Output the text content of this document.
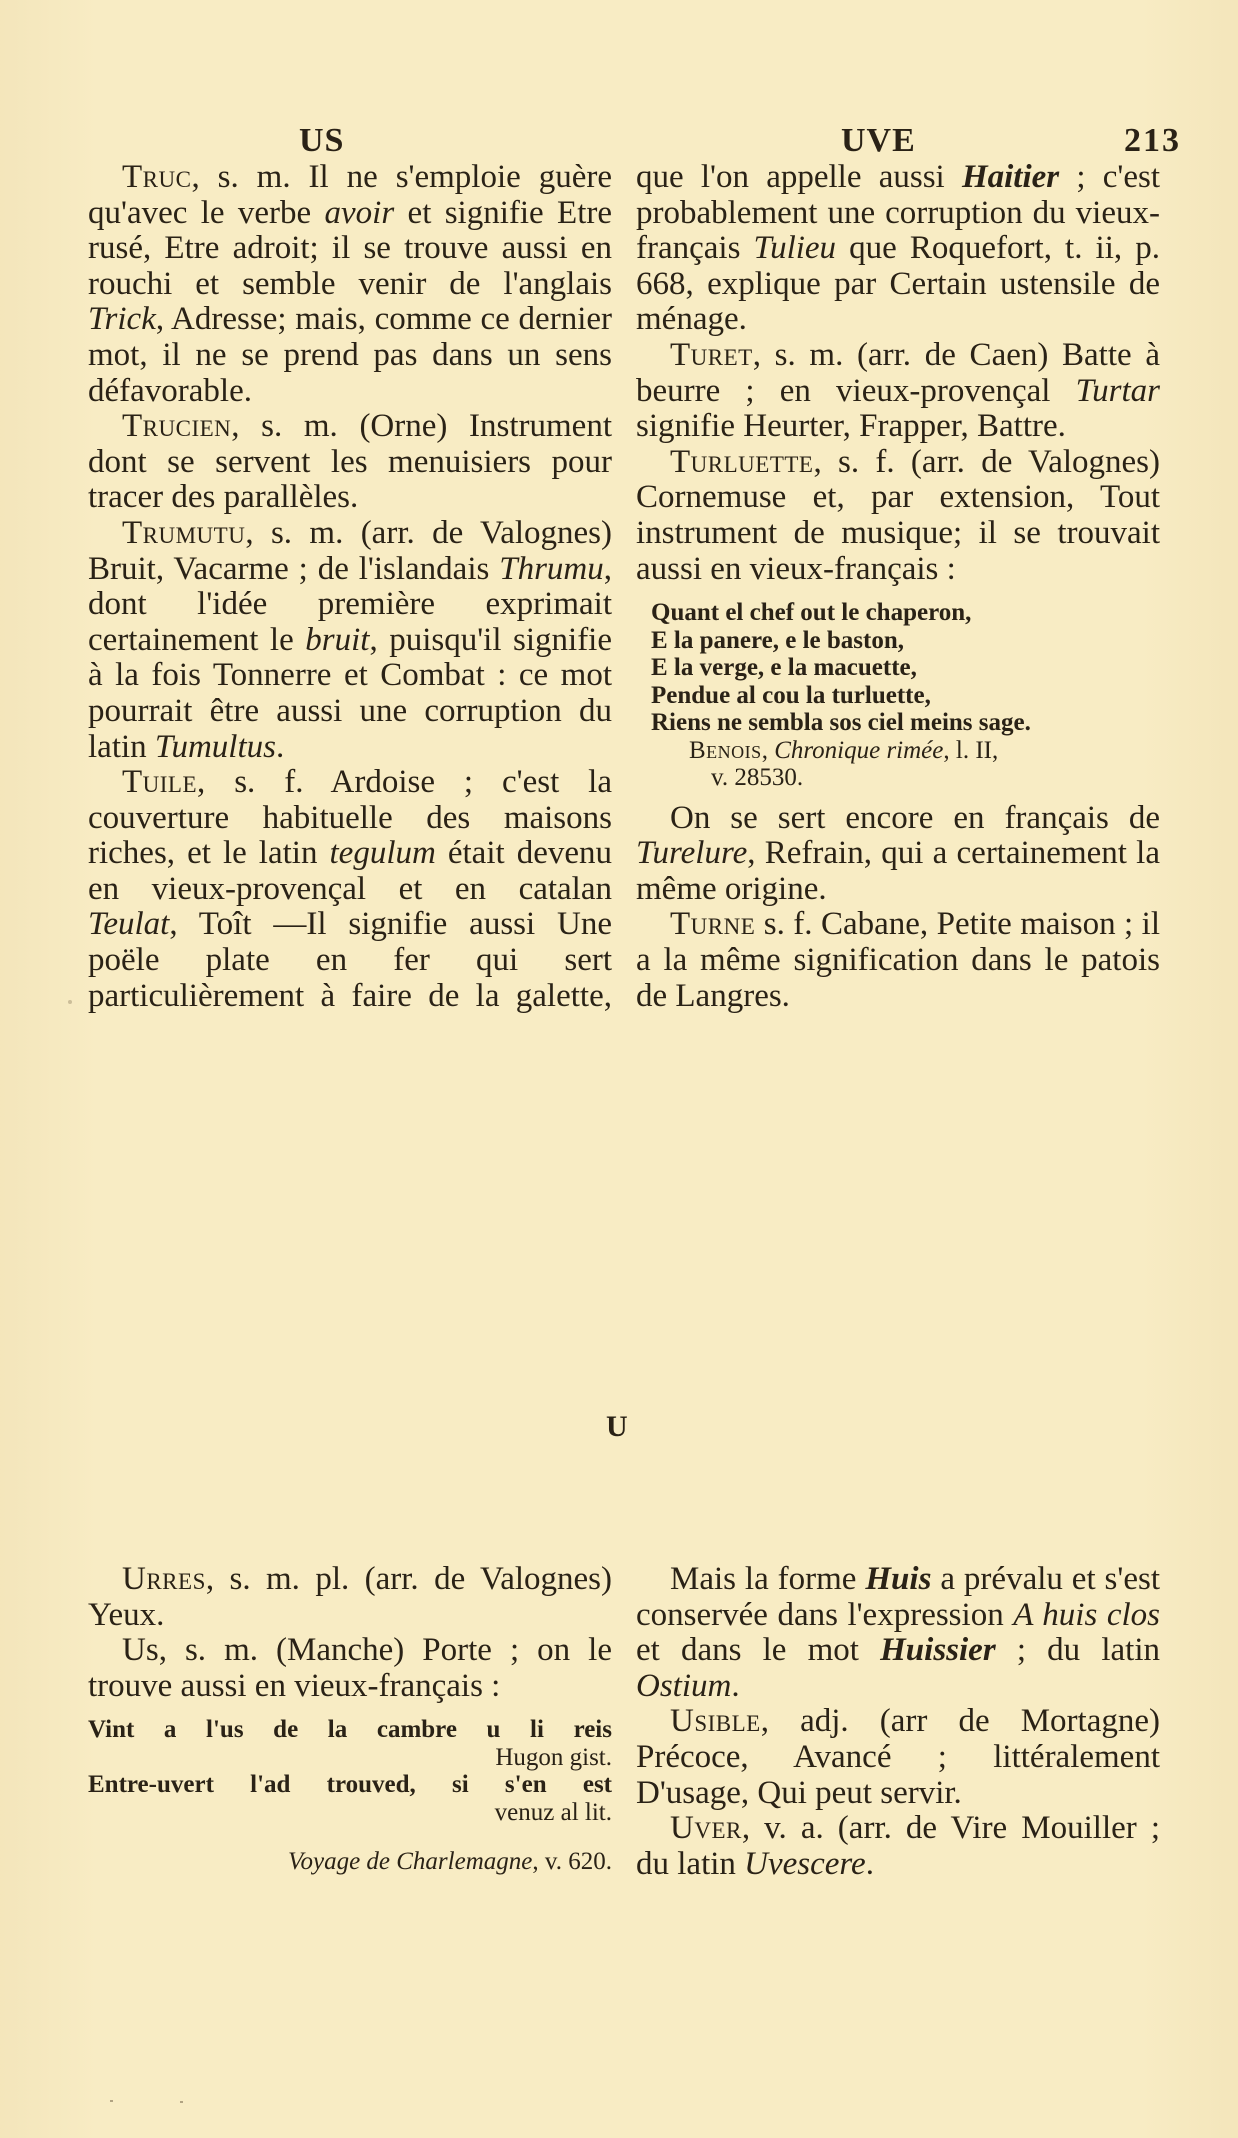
US	UVE	213

Truc, s. m. Il ne s'emploie guère qu'avec le verbe avoir et signifie Etre rusé, Etre adroit; il se trouve aussi en rouchi et semble venir de l'anglais Trick, Adresse; mais, comme ce dernier mot, il ne se prend pas dans un sens défavorable.

Trucien, s. m. (Orne) Instrument dont se servent les menuisiers pour tracer des parallèles.

Trumutu, s. m. (arr. de Valognes) Bruit, Vacarme ; de l'islandais Thrumu, dont l'idée première exprimait certainement le bruit, puisqu'il signifie à la fois Tonnerre et Combat : ce mot pourrait être aussi une corruption du latin Tumultus.

Tuile, s. f. Ardoise ; c'est la couverture habituelle des maisons riches, et le latin tegulum était devenu en vieux-provençal et en catalan Teulat, Toît —Il signifie aussi Une poële plate en fer qui sert particulièrement à faire de la galette,

que l'on appelle aussi Haitier ; c'est probablement une corruption du vieux-français Tulieu que Roquefort, t. ii, p. 668, explique par Certain ustensile de ménage.

Turet, s. m. (arr. de Caen) Batte à beurre ; en vieux-provençal Turtar signifie Heurter, Frapper, Battre.

Turluette, s. f. (arr. de Valognes) Cornemuse et, par extension, Tout instrument de musique; il se trouvait aussi en vieux-français :

Quant el chef out le chaperon,
E la panere, e le baston,
E la verge, e la macuette,
Pendue al cou la turluette,
Riens ne sembla sos ciel meins sage.
Benois, Chronique rimée, l. II,
v. 28530.

On se sert encore en français de Turelure, Refrain, qui a certainement la même origine.

Turne s. f. Cabane, Petite maison ; il a la même signification dans le patois de Langres.

U

Urres, s. m. pl. (arr. de Valognes) Yeux.

Us, s. m. (Manche) Porte ; on le trouve aussi en vieux-français :

Vint a l'us de la cambre u li reis
Hugon gist.
Entre-uvert l'ad trouved, si s'en est
venuz al lit.
Voyage de Charlemagne, v. 620.

Mais la forme Huis a prévalu et s'est conservée dans l'expression A huis clos et dans le mot Huissier ; du latin Ostium.

Usible, adj. (arr de Mortagne) Précoce, Avancé ; littéralement D'usage, Qui peut servir.

Uver, v. a. (arr. de Vire Mouiller ; du latin Uvescere.
